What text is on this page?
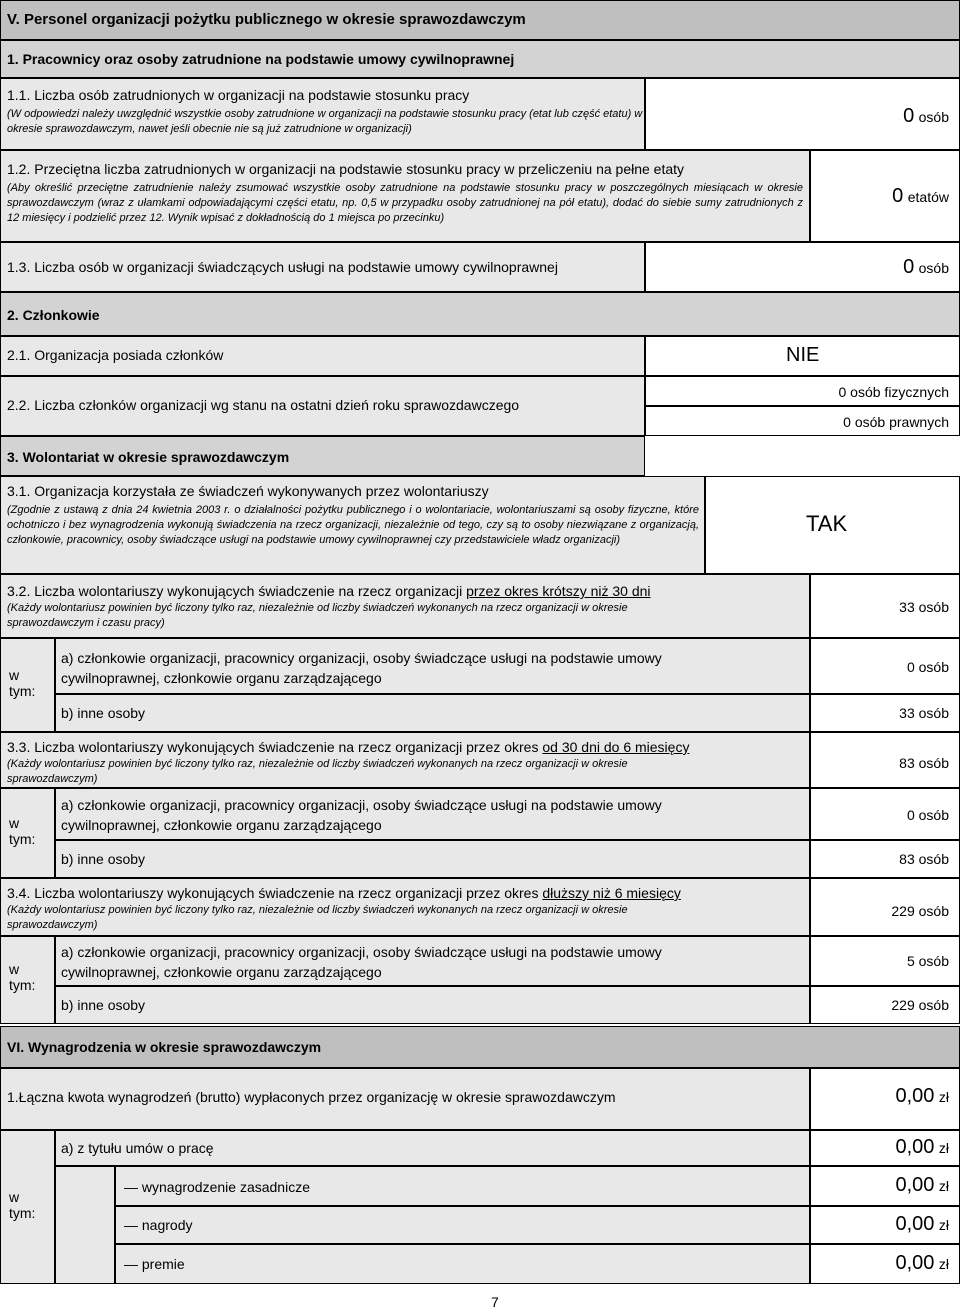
V. Personel organizacji pożytku publicznego w okresie sprawozdawczym
1. Pracownicy oraz osoby zatrudnione na podstawie umowy cywilnoprawnej
1.1. Liczba osób zatrudnionych w organizacji na podstawie stosunku pracy
(W odpowiedzi należy uwzględnić wszystkie osoby zatrudnione w organizacji na podstawie stosunku pracy (etat lub część etatu) w okresie sprawozdawczym, nawet jeśli obecnie nie są już zatrudnione w organizacji)
0 osób
1.2. Przeciętna liczba zatrudnionych w organizacji na podstawie stosunku pracy w przeliczeniu na pełne etaty
(Aby określić przeciętne zatrudnienie należy zsumować wszystkie osoby zatrudnione na podstawie stosunku pracy w poszczególnych miesiącach w okresie sprawozdawczym (wraz z ułamkami odpowiadającymi części etatu, np. 0,5 w przypadku osoby zatrudnionej na pół etatu), dodać do siebie sumy zatrudnionych z 12 miesięcy i podzielić przez 12. Wynik wpisać z dokładnością do 1 miejsca po przecinku)
0 etatów
1.3. Liczba osób w organizacji świadczących usługi na podstawie umowy cywilnoprawnej	0 osób
2. Członkowie
2.1. Organizacja posiada członków	NIE
2.2. Liczba członków organizacji wg stanu na ostatni dzień roku sprawozdawczego
0 osób fizycznych
0 osób prawnych
3. Wolontariat w okresie sprawozdawczym
3.1. Organizacja korzystała ze świadczeń wykonywanych przez wolontariuszy
(Zgodnie z ustawą z dnia 24 kwietnia 2003 r. o działalności pożytku publicznego i o wolontariacie, wolontariuszami są osoby fizyczne, które ochotniczo i bez wynagrodzenia wykonują świadczenia na rzecz organizacji, niezależnie od tego, czy są to osoby niezwiązane z organizacją, członkowie, pracownicy, osoby świadczące usługi na podstawie umowy cywilnoprawnej czy przedstawiciele władz organizacji)
TAK
3.2. Liczba wolontariuszy wykonujących świadczenie na rzecz organizacji przez okres krótszy niż 30 dni
(Każdy wolontariusz powinien być liczony tylko raz, niezależnie od liczby świadczeń wykonanych na rzecz organizacji w okresie sprawozdawczym i czasu pracy)
33 osób
w tym:
a) członkowie organizacji, pracownicy organizacji, osoby świadczące usługi na podstawie umowy cywilnoprawnej, członkowie organu zarządzającego
0 osób
b) inne osoby	33 osób
3.3. Liczba wolontariuszy wykonujących świadczenie na rzecz organizacji przez okres od 30 dni do 6 miesięcy
(Każdy wolontariusz powinien być liczony tylko raz, niezależnie od liczby świadczeń wykonanych na rzecz organizacji w okresie sprawozdawczym)
83 osób
w tym:
a) członkowie organizacji, pracownicy organizacji, osoby świadczące usługi na podstawie umowy cywilnoprawnej, członkowie organu zarządzającego
0 osób
b) inne osoby	83 osób
3.4. Liczba wolontariuszy wykonujących świadczenie na rzecz organizacji przez okres dłuższy niż 6 miesięcy
(Każdy wolontariusz powinien być liczony tylko raz, niezależnie od liczby świadczeń wykonanych na rzecz organizacji w okresie sprawozdawczym)
229 osób
w tym:
a) członkowie organizacji, pracownicy organizacji, osoby świadczące usługi na podstawie umowy cywilnoprawnej, członkowie organu zarządzającego
5 osób
b) inne osoby	229 osób
VI. Wynagrodzenia w okresie sprawozdawczym
1.Łączna kwota wynagrodzeń (brutto) wypłaconych przez organizację w okresie sprawozdawczym	0,00 zł
w tym:
a) z tytułu umów o pracę	0,00 zł
— wynagrodzenie zasadnicze	0,00 zł
— nagrody	0,00 zł
— premie	0,00 zł
7
